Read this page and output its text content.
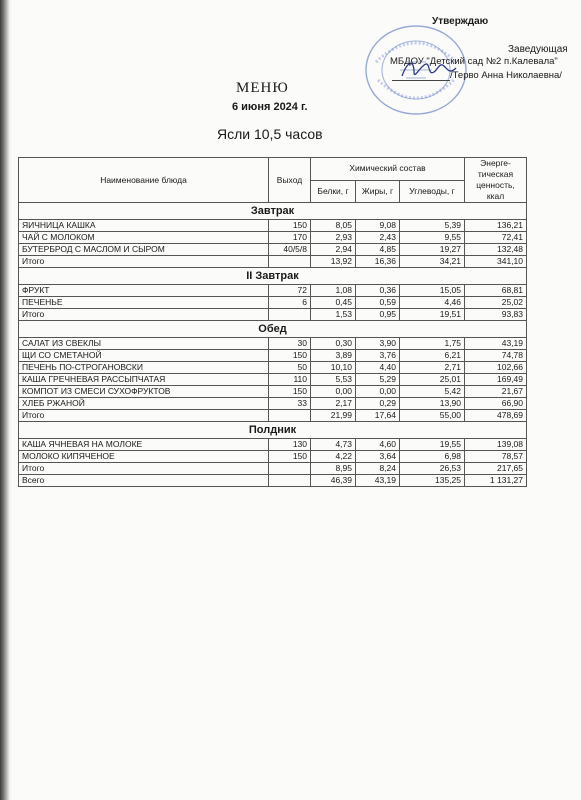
Утверждаю
Заведующая
МБДОУ "Детский сад №2 п.Калевала"
/Терво Анна Николаевна/
МЕНЮ
6 июня 2024 г.
Ясли 10,5 часов
Наименование блюда	Выход	Химический состав			Энерге-тическая ценность, ккал
		Белки, г	Жиры, г	Углеводы, г	
Завтрак					
ЯИЧНИЦА КАШКА	150	8,05	9,08	5,39	136,21
ЧАЙ С МОЛОКОМ	170	2,93	2,43	9,55	72,41
БУТЕРБРОД С МАСЛОМ И СЫРОМ	40/5/8	2,94	4,85	19,27	132,48
Итого		13,92	16,36	34,21	341,10
II Завтрак					
ФРУКТ	72	1,08	0,36	15,05	68,81
ПЕЧЕНЬЕ	6	0,45	0,59	4,46	25,02
Итого		1,53	0,95	19,51	93,83
Обед					
САЛАТ ИЗ СВЕКЛЫ	30	0,30	3,90	1,75	43,19
ЩИ СО СМЕТАНОЙ	150	3,89	3,76	6,21	74,78
ПЕЧЕНЬ ПО-СТРОГАНОВСКИ	50	10,10	4,40	2,71	102,66
КАША ГРЕЧНЕВАЯ РАССЫПЧАТАЯ	110	5,53	5,29	25,01	169,49
КОМПОТ ИЗ СМЕСИ СУХОФРУКТОВ	150	0,00	0,00	5,42	21,67
ХЛЕБ РЖАНОЙ	33	2,17	0,29	13,90	66,90
Итого		21,99	17,64	55,00	478,69
Полдник					
КАША ЯЧНЕВАЯ НА МОЛОКЕ	130	4,73	4,60	19,55	139,08
МОЛОКО КИПЯЧЕНОЕ	150	4,22	3,64	6,98	78,57
Итого		8,95	8,24	26,53	217,65
Всего		46,39	43,19	135,25	1 131,27
